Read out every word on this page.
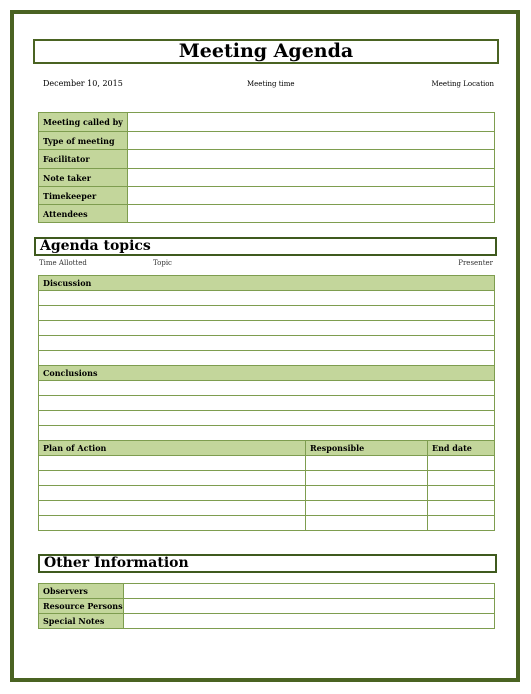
Meeting Agenda
December 10, 2015	Meeting time	Meeting Location
Meeting called by	
Type of meeting	
Facilitator	
Note taker	
Timekeeper	
Attendees	
Agenda topics
Time Allotted	Topic	Presenter
Discussion		

Conclusions		

Plan of Action	Responsible	End date

Other Information
Observers	
Resource Persons	
Special Notes	
